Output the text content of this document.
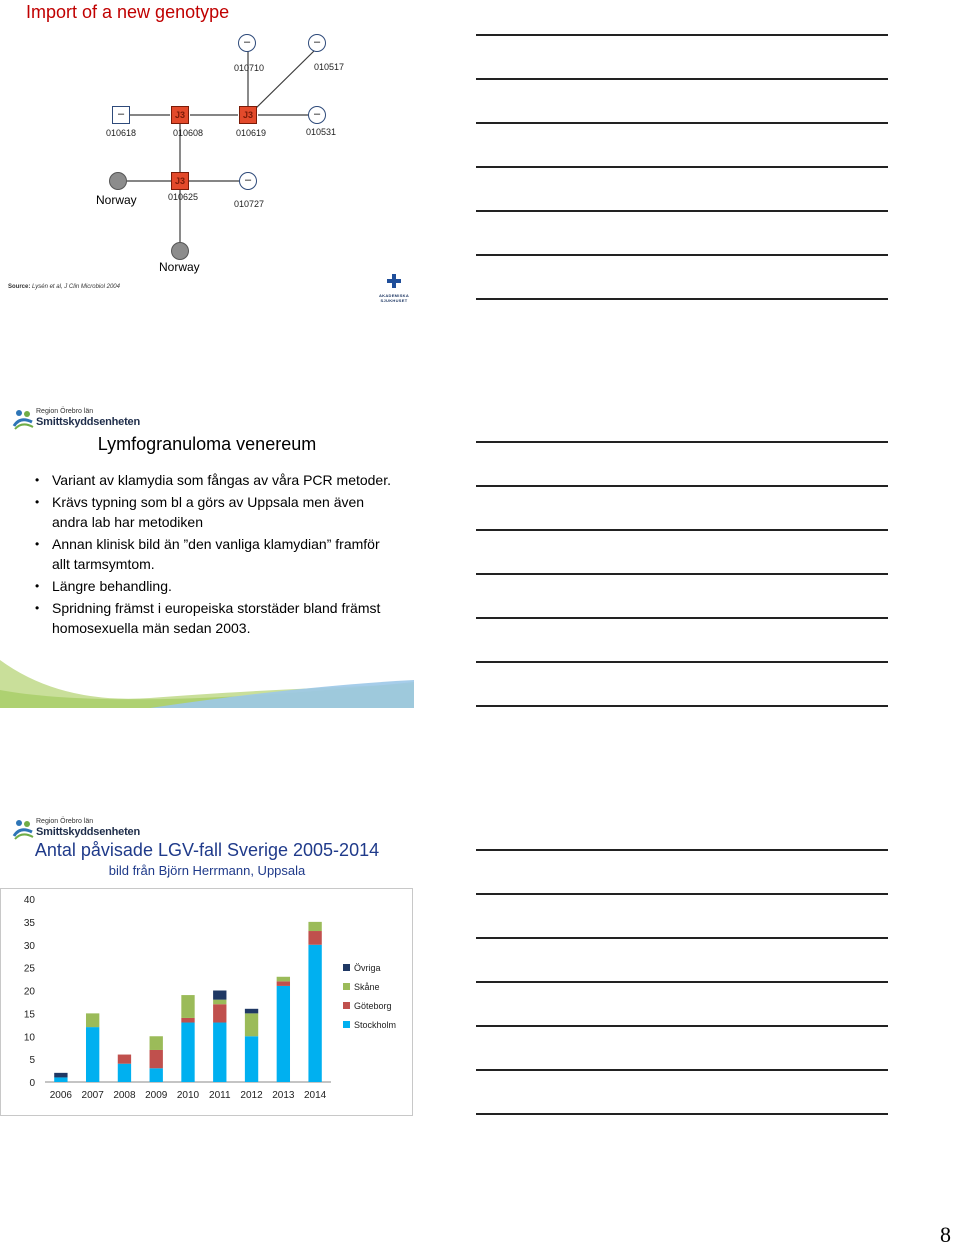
Import of a new genotype
–
010710
–
010517
–
010618
J3
010608
J3
010619
–
010531
Norway
J3
010625
–
010727
Norway
Source: Lysén et al, J Clin Microbiol 2004
AKADEMISKA
SJUKHUSET
Region Örebro län
Smittskyddsenheten
Lymfogranuloma venereum
• Variant av klamydia som fångas av våra PCR metoder.
• Krävs typning som bl a görs av Uppsala men även andra lab har metodiken
• Annan klinisk bild än ”den vanliga klamydian” framför allt tarmsymtom.
• Längre behandling.
• Spridning främst i europeiska storstäder bland främst homosexuella män sedan 2003.
Region Örebro län
Smittskyddsenheten
Antal påvisade LGV-fall Sverige 2005-2014
bild från Björn Herrmann, Uppsala
0
5
10
15
20
25
30
35
40
2006 2007 2008 2009 2010 2011 2012 2013 2014
Övriga
Skåne
Göteborg
Stockholm
8
